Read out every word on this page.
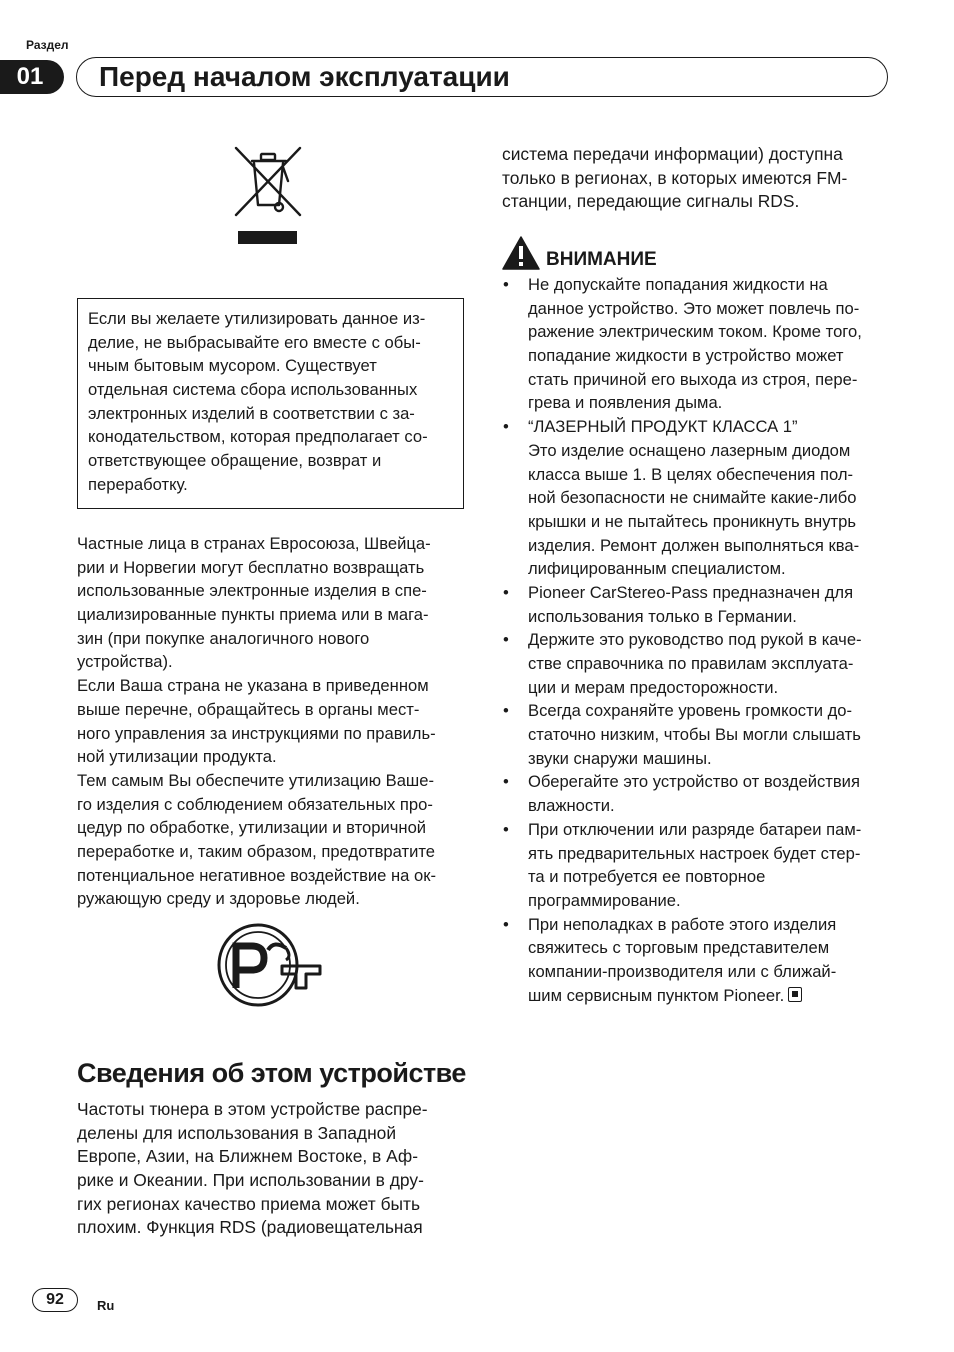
Раздел
01	Перед началом эксплуатации
Если вы желаете утилизировать данное из-
делие, не выбрасывайте его вместе с обы-
чным бытовым мусором. Существует
отдельная система сбора использованных
электронных изделий в соответствии с за-
конодательством, которая предполагает со-
ответствующее обращение, возврат и
переработку.
Частные лица в странах Евросоюза, Швейца-
рии и Норвегии могут бесплатно возвращать
использованные электронные изделия в спе-
циализированные пункты приема или в мага-
зин (при покупке аналогичного нового
устройства).
Если Ваша страна не указана в приведенном
выше перечне, обращайтесь в органы мест-
ного управления за инструкциями по правиль-
ной утилизации продукта.
Тем самым Вы обеспечите утилизацию Ваше-
го изделия с соблюдением обязательных про-
цедур по обработке, утилизации и вторичной
переработке и, таким образом, предотвратите
потенциальное негативное воздействие на ок-
ружающую среду и здоровье людей.
Сведения об этом устройстве
Частоты тюнера в этом устройстве распре-
делены для использования в Западной
Европе, Азии, на Ближнем Востоке, в Аф-
рике и Океании. При использовании в дру-
гих регионах качество приема может быть
плохим. Функция RDS (радиовещательная
система передачи информации) доступна
только в регионах, в которых имеются FM-
станции, передающие сигналы RDS.
ВНИМАНИЕ
• Не допускайте попадания жидкости на
данное устройство. Это может повлечь по-
ражение электрическим током. Кроме того,
попадание жидкости в устройство может
стать причиной его выхода из строя, пере-
грева и появления дыма.
• “ЛАЗЕРНЫЙ ПРОДУКТ КЛАССА 1”
Это изделие оснащено лазерным диодом
класса выше 1. В целях обеспечения пол-
ной безопасности не снимайте какие-либо
крышки и не пытайтесь проникнуть внутрь
изделия. Ремонт должен выполняться ква-
лифицированным специалистом.
• Pioneer CarStereo-Pass предназначен для
использования только в Германии.
• Держите это руководство под рукой в каче-
стве справочника по правилам эксплуата-
ции и мерам предосторожности.
• Всегда сохраняйте уровень громкости до-
статочно низким, чтобы Вы могли слышать
звуки снаружи машины.
• Оберегайте это устройство от воздействия
влажности.
• При отключении или разряде батареи пам-
ять предварительных настроек будет стер-
та и потребуется ее повторное
программирование.
• При неполадках в работе этого изделия
свяжитесь с торговым представителем
компании-производителя или с ближай-
шим сервисным пунктом Pioneer.
92	Ru
